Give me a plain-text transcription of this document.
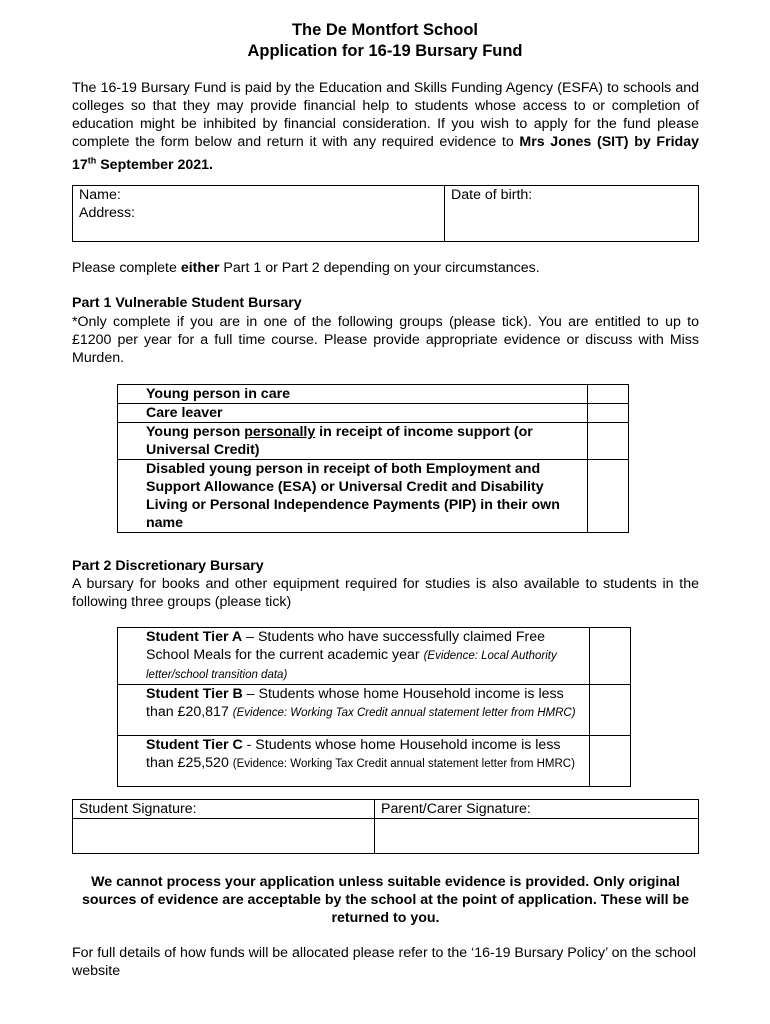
The De Montfort School
Application for 16-19 Bursary Fund
The 16-19 Bursary Fund is paid by the Education and Skills Funding Agency (ESFA) to schools and colleges so that they may provide financial help to students whose access to or completion of education might be inhibited by financial consideration. If you wish to apply for the fund please complete the form below and return it with any required evidence to Mrs Jones (SIT) by Friday 17th September 2021.
Name:
Address:

Date of birth:
Please complete either Part 1 or Part 2 depending on your circumstances.
Part 1 Vulnerable Student Bursary
*Only complete if you are in one of the following groups (please tick). You are entitled to up to £1200 per year for a full time course. Please provide appropriate evidence or discuss with Miss Murden.
Young person in care	
Care leaver	
Young person personally in receipt of income support (or Universal Credit)	
Disabled young person in receipt of both Employment and Support Allowance (ESA) or Universal Credit and Disability Living or Personal Independence Payments (PIP) in their own name	
Part 2 Discretionary Bursary
A bursary for books and other equipment required for studies is also available to students in the following three groups (please tick)
Student Tier A – Students who have successfully claimed Free School Meals for the current academic year (Evidence: Local Authority letter/school transition data)	
Student Tier B – Students whose home Household income is less than £20,817 (Evidence: Working Tax Credit annual statement letter from HMRC)	
Student Tier C - Students whose home Household income is less than £25,520 (Evidence: Working Tax Credit annual statement letter from HMRC)	
Student Signature:	Parent/Carer Signature:

We cannot process your application unless suitable evidence is provided. Only original sources of evidence are acceptable by the school at the point of application. These will be returned to you.
For full details of how funds will be allocated please refer to the ‘16-19 Bursary Policy’ on the school website
